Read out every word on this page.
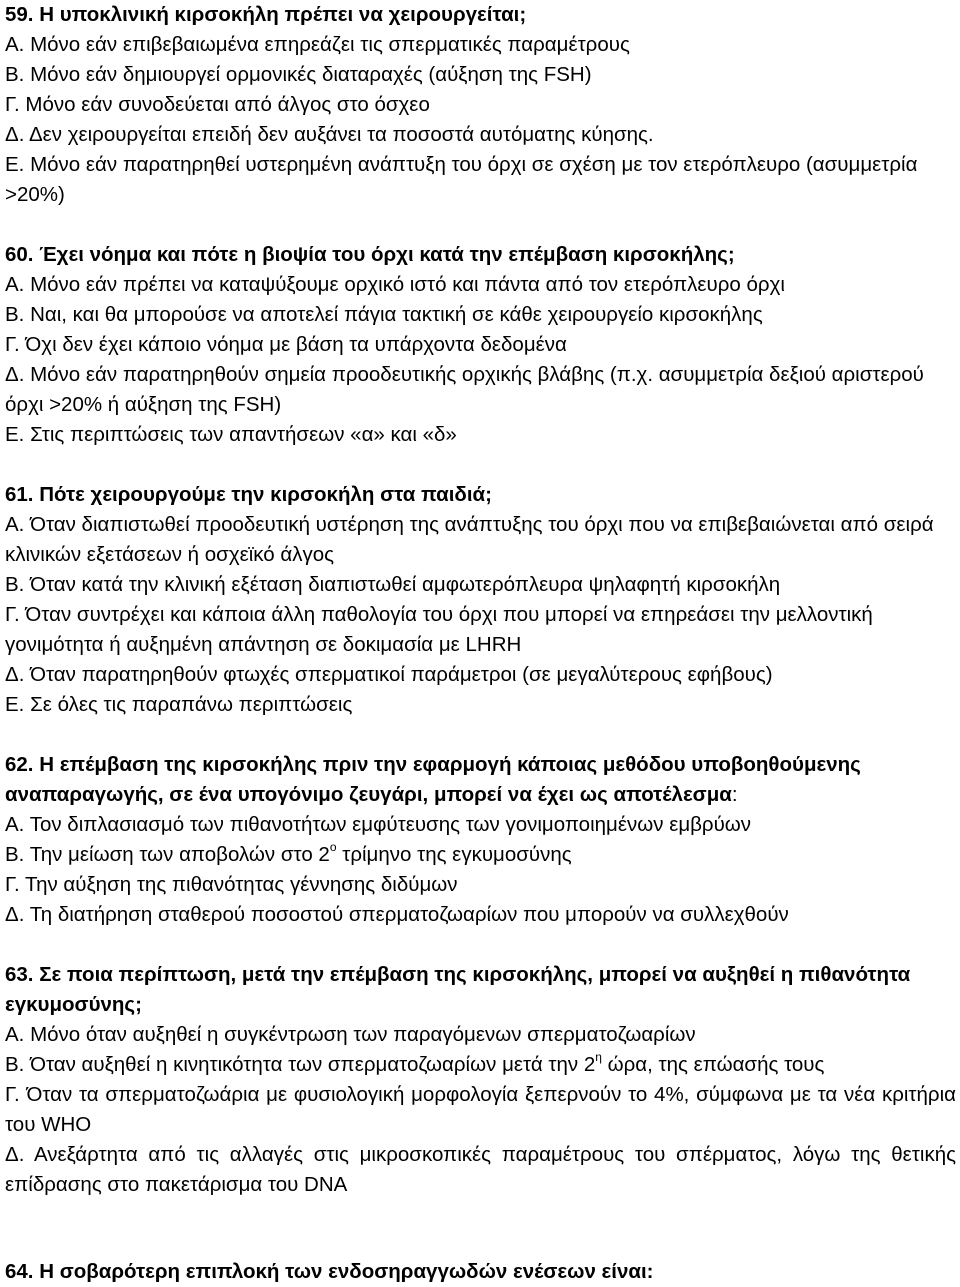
59. Η υποκλινική κιρσοκήλη πρέπει να χειρουργείται;

Α. Μόνο εάν επιβεβαιωμένα επηρεάζει τις σπερματικές παραμέτρους

Β. Μόνο εάν δημιουργεί ορμονικές διαταραχές (αύξηση της FSH)

Γ. Μόνο εάν συνοδεύεται από άλγος στο όσχεο

Δ. Δεν χειρουργείται επειδή δεν αυξάνει τα ποσοστά αυτόματης κύησης.

Ε. Μόνο εάν παρατηρηθεί υστερημένη ανάπτυξη του όρχι σε σχέση με τον ετερόπλευρο (ασυμμετρία >20%)

60. Έχει νόημα και πότε η βιοψία του όρχι κατά την επέμβαση κιρσοκήλης;

Α. Μόνο εάν πρέπει να καταψύξουμε ορχικό ιστό και πάντα από τον ετερόπλευρο όρχι

Β. Ναι, και θα μπορούσε να αποτελεί πάγια τακτική σε κάθε χειρουργείο κιρσοκήλης

Γ. Όχι δεν έχει κάποιο νόημα με βάση τα υπάρχοντα δεδομένα

Δ. Μόνο εάν παρατηρηθούν σημεία προοδευτικής ορχικής βλάβης (π.χ. ασυμμετρία δεξιού αριστερού όρχι >20% ή αύξηση της FSH)

Ε. Στις περιπτώσεις των απαντήσεων «α» και «δ»

61. Πότε χειρουργούμε την κιρσοκήλη στα παιδιά;

Α. Όταν διαπιστωθεί προοδευτική υστέρηση της ανάπτυξης του όρχι που να επιβεβαιώνεται από σειρά κλινικών εξετάσεων ή οσχεϊκό άλγος

Β. Όταν κατά την κλινική εξέταση διαπιστωθεί αμφωτερόπλευρα ψηλαφητή κιρσοκήλη

Γ. Όταν συντρέχει και κάποια άλλη παθολογία του όρχι που μπορεί να επηρεάσει την μελλοντική γονιμότητα ή αυξημένη απάντηση σε δοκιμασία με LHRH

Δ. Όταν παρατηρηθούν φτωχές σπερματικοί παράμετροι (σε μεγαλύτερους εφήβους)

Ε. Σε όλες τις παραπάνω περιπτώσεις

62. Η επέμβαση της κιρσοκήλης πριν την εφαρμογή κάποιας μεθόδου υποβοηθούμενης αναπαραγωγής, σε ένα υπογόνιμο ζευγάρι, μπορεί να έχει ως αποτέλεσμα:

Α. Τον διπλασιασμό των πιθανοτήτων εμφύτευσης των γονιμοποιημένων εμβρύων

Β. Την μείωση των αποβολών στο $2^o$ τρίμηνο της εγκυμοσύνης

Γ. Την αύξηση της πιθανότητας γέννησης διδύμων

Δ. Τη διατήρηση σταθερού ποσοστού σπερματοζωαρίων που μπορούν να συλλεχθούν

63. Σε ποια περίπτωση, μετά την επέμβαση της κιρσοκήλης, μπορεί να αυξηθεί η πιθανότητα εγκυμοσύνης;

Α. Μόνο όταν αυξηθεί η συγκέντρωση των παραγόμενων σπερματοζωαρίων

Β. Όταν αυξηθεί η κινητικότητα των σπερματοζωαρίων μετά την $2^\eta$ ώρα, της επώασής τους

Γ. Όταν τα σπερματοζωάρια με φυσιολογική μορφολογία ξεπερνούν το 4%, σύμφωνα με τα νέα κριτήρια του WHO

Δ. Ανεξάρτητα από τις αλλαγές στις μικροσκοπικές παραμέτρους του σπέρματος, λόγω της θετικής επίδρασης στο πακετάρισμα του DNA

64. Η σοβαρότερη επιπλοκή των ενδοσηραγγωδών ενέσεων είναι:
